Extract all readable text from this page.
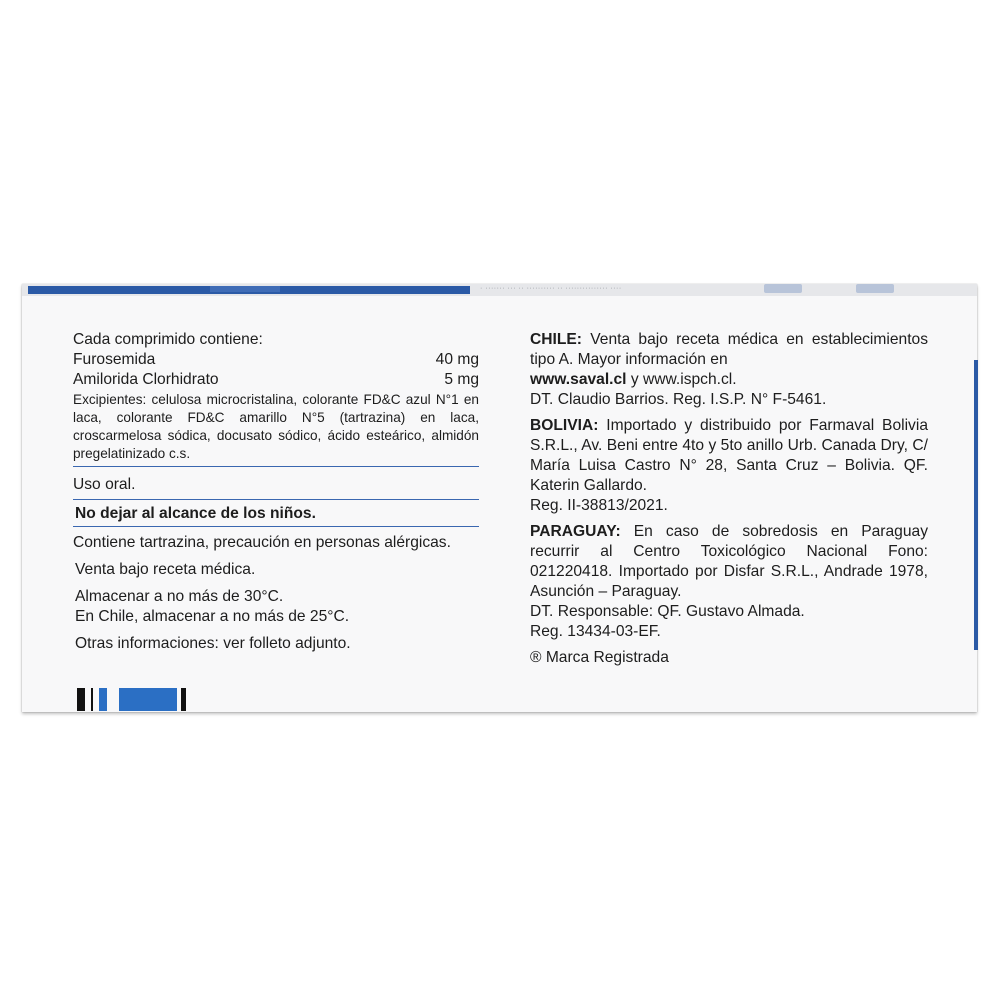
· ······· ··· ·· ·········· ·· ··············· ····

Cada comprimido contiene:

Furosemida	40 mg
Amilorida Clorhidrato	5 mg

Excipientes: celulosa microcristalina, colorante FD&C azul N°1 en laca, colorante FD&C amarillo N°5 (tartrazina) en laca, croscarmelosa sódica, docusato sódico, ácido esteárico, almidón pregelatinizado c.s.

Uso oral.

No dejar al alcance de los niños.

Contiene tartrazina, precaución en personas alérgicas.

Venta bajo receta médica.

Almacenar a no más de 30°C.

En Chile, almacenar a no más de 25°C.

Otras informaciones: ver folleto adjunto.

CHILE: Venta bajo receta médica en establecimientos tipo A. Mayor información en

www.saval.cl y www.ispch.cl.

DT. Claudio Barrios. Reg. I.S.P. N° F-5461.

BOLIVIA: Importado y distribuido por Farmaval Bolivia S.R.L., Av. Beni entre 4to y 5to anillo Urb. Canada Dry, C/ María Luisa Castro N° 28, Santa Cruz – Bolivia. QF. Katerin Gallardo.

Reg. II-38813/2021.

PARAGUAY: En caso de sobredosis en Paraguay recurrir al Centro Toxicológico Nacional Fono: 021220418. Importado por Disfar S.R.L., Andrade 1978, Asunción – Paraguay.

DT. Responsable: QF. Gustavo Almada.

Reg. 13434-03-EF.

® Marca Registrada
